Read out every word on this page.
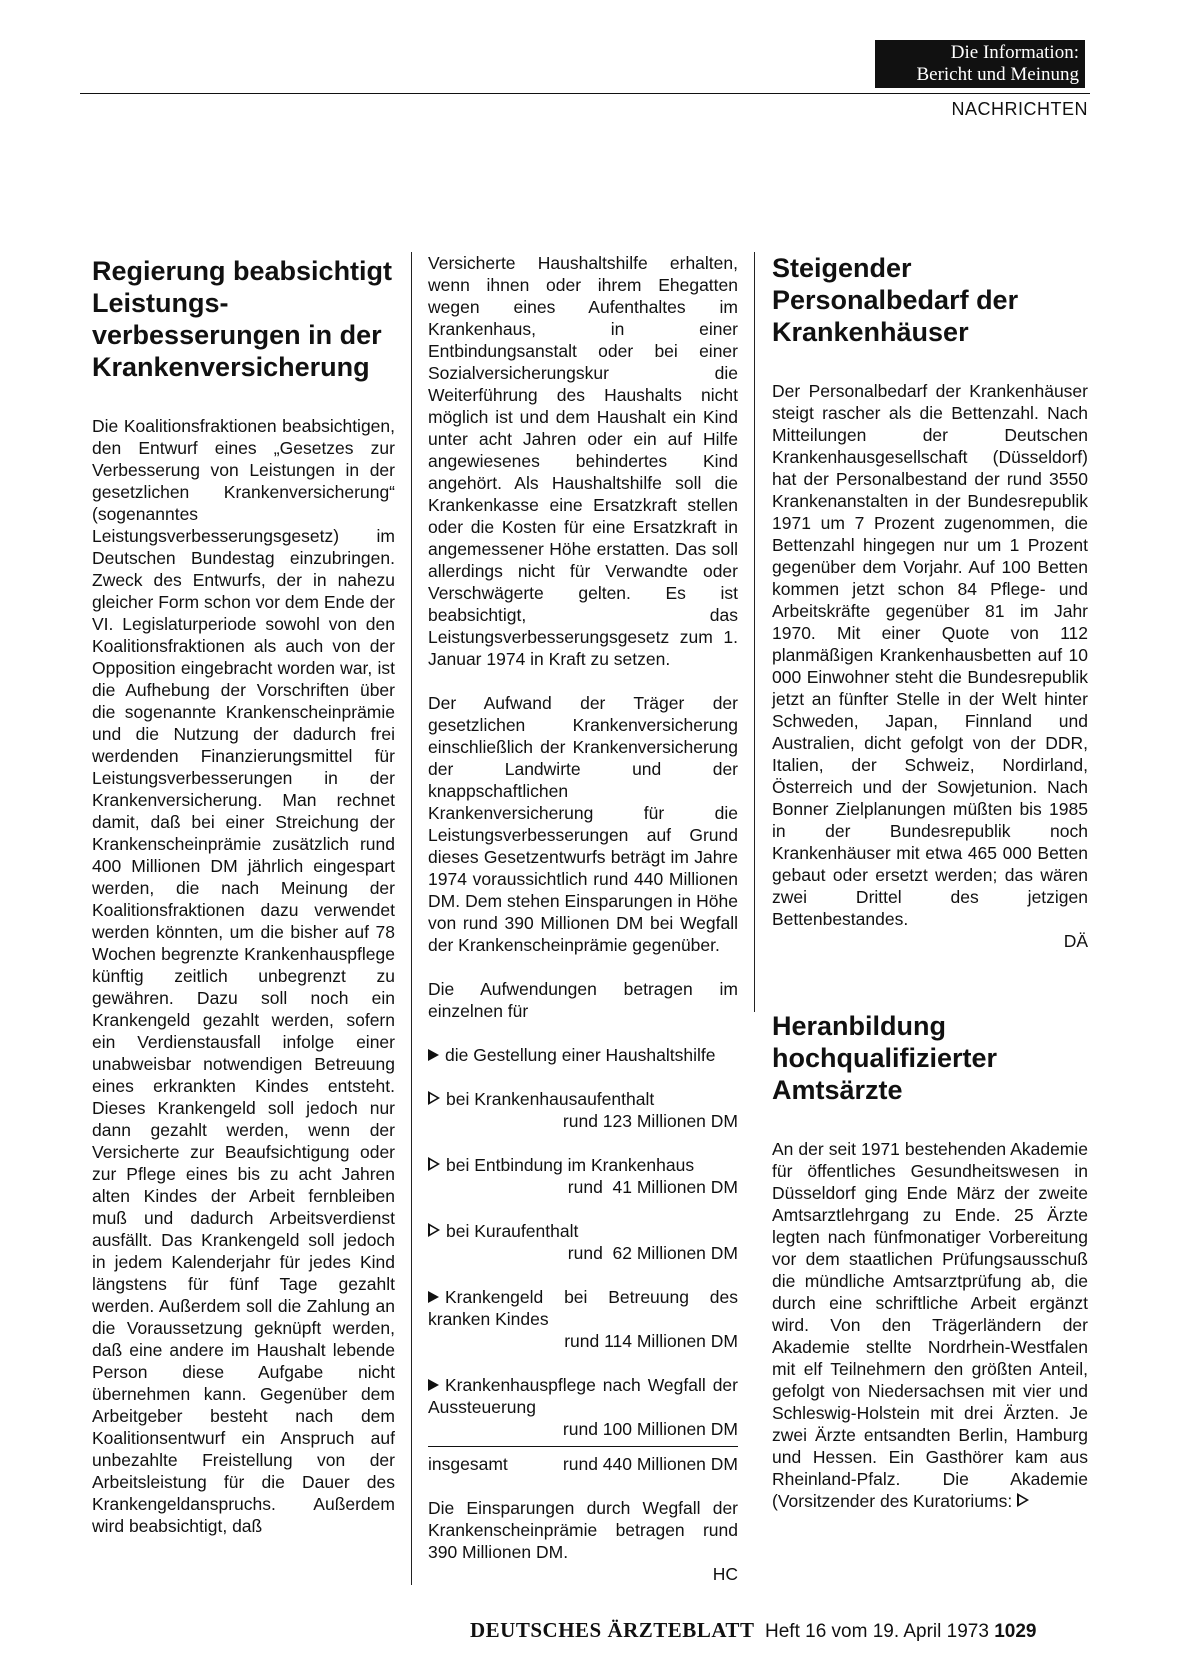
Die Information:
Bericht und Meinung
NACHRICHTEN
Regierung beabsichtigt Leistungsverbesserungen in der Krankenversicherung

Die Koalitionsfraktionen beabsichtigen, den Entwurf eines „Gesetzes zur Verbesserung von Leistungen in der gesetzlichen Krankenversicherung“ (sogenanntes Leistungsverbesserungsgesetz) im Deutschen Bundestag einzubringen. Zweck des Entwurfs, der in nahezu gleicher Form schon vor dem Ende der VI. Legislaturperiode sowohl von den Koalitionsfraktionen als auch von der Opposition eingebracht worden war, ist die Aufhebung der Vorschriften über die sogenannte Krankenscheinprämie und die Nutzung der dadurch frei werdenden Finanzierungsmittel für Leistungsverbesserungen in der Krankenversicherung. Man rechnet damit, daß bei einer Streichung der Krankenscheinprämie zusätzlich rund 400 Millionen DM jährlich eingespart werden, die nach Meinung der Koalitionsfraktionen dazu verwendet werden könnten, um die bisher auf 78 Wochen begrenzte Krankenhauspflege künftig zeitlich unbegrenzt zu gewähren. Dazu soll noch ein Krankengeld gezahlt werden, sofern ein Verdienstausfall infolge einer unabweisbar notwendigen Betreuung eines erkrankten Kindes entsteht. Dieses Krankengeld soll jedoch nur dann gezahlt werden, wenn der Versicherte zur Beaufsichtigung oder zur Pflege eines bis zu acht Jahren alten Kindes der Arbeit fernbleiben muß und dadurch Arbeitsverdienst ausfällt. Das Krankengeld soll jedoch in jedem Kalenderjahr für jedes Kind längstens für fünf Tage gezahlt werden. Außerdem soll die Zahlung an die Voraussetzung geknüpft werden, daß eine andere im Haushalt lebende Person diese Aufgabe nicht übernehmen kann. Gegenüber dem Arbeitgeber besteht nach dem Koalitionsentwurf ein Anspruch auf unbezahlte Freistellung von der Arbeitsleistung für die Dauer des Krankengeldanspruchs. Außerdem wird beabsichtigt, daß

Versicherte Haushaltshilfe erhalten, wenn ihnen oder ihrem Ehegatten wegen eines Aufenthaltes im Krankenhaus, in einer Entbindungsanstalt oder bei einer Sozialversicherungskur die Weiterführung des Haushalts nicht möglich ist und dem Haushalt ein Kind unter acht Jahren oder ein auf Hilfe angewiesenes behindertes Kind angehört. Als Haushaltshilfe soll die Krankenkasse eine Ersatzkraft stellen oder die Kosten für eine Ersatzkraft in angemessener Höhe erstatten. Das soll allerdings nicht für Verwandte oder Verschwägerte gelten. Es ist beabsichtigt, das Leistungsverbesserungsgesetz zum 1. Januar 1974 in Kraft zu setzen.

Der Aufwand der Träger der gesetzlichen Krankenversicherung einschließlich der Krankenversicherung der Landwirte und der knappschaftlichen Krankenversicherung für die Leistungsverbesserungen auf Grund dieses Gesetzentwurfs beträgt im Jahre 1974 voraussichtlich rund 440 Millionen DM. Dem stehen Einsparungen in Höhe von rund 390 Millionen DM bei Wegfall der Krankenscheinprämie gegenüber.

Die Aufwendungen betragen im einzelnen für

die Gestellung einer Haushaltshilfe
bei Krankenhausaufenthalt
rund 123 Millionen DM
bei Entbindung im Krankenhaus
rund  41 Millionen DM
bei Kuraufenthalt
rund  62 Millionen DM
Krankengeld bei Betreuung des kranken Kindes
rund 114 Millionen DM
Krankenhauspflege nach Wegfall der Aussteuerung
rund 100 Millionen DM
insgesamt	rund 440 Millionen DM

Die Einsparungen durch Wegfall der Krankenscheinprämie betragen rund 390 Millionen DM.

HC

Steigender Personalbedarf der Krankenhäuser

Der Personalbedarf der Krankenhäuser steigt rascher als die Bettenzahl. Nach Mitteilungen der Deutschen Krankenhausgesellschaft (Düsseldorf) hat der Personalbestand der rund 3550 Krankenanstalten in der Bundesrepublik 1971 um 7 Prozent zugenommen, die Bettenzahl hingegen nur um 1 Prozent gegenüber dem Vorjahr. Auf 100 Betten kommen jetzt schon 84 Pflege- und Arbeitskräfte gegenüber 81 im Jahr 1970. Mit einer Quote von 112 planmäßigen Krankenhausbetten auf 10 000 Einwohner steht die Bundesrepublik jetzt an fünfter Stelle in der Welt hinter Schweden, Japan, Finnland und Australien, dicht gefolgt von der DDR, Italien, der Schweiz, Nordirland, Österreich und der Sowjetunion. Nach Bonner Zielplanungen müßten bis 1985 in der Bundesrepublik noch Krankenhäuser mit etwa 465 000 Betten gebaut oder ersetzt werden; das wären zwei Drittel des jetzigen Bettenbestandes.

DÄ

Heranbildung hochqualifizierter Amtsärzte

An der seit 1971 bestehenden Akademie für öffentliches Gesundheitswesen in Düsseldorf ging Ende März der zweite Amtsarztlehrgang zu Ende. 25 Ärzte legten nach fünfmonatiger Vorbereitung vor dem staatlichen Prüfungsausschuß die mündliche Amtsarztprüfung ab, die durch eine schriftliche Arbeit ergänzt wird. Von den Trägerländern der Akademie stellte Nordrhein-Westfalen mit elf Teilnehmern den größten Anteil, gefolgt von Niedersachsen mit vier und Schleswig-Holstein mit drei Ärzten. Je zwei Ärzte entsandten Berlin, Hamburg und Hessen. Ein Gasthörer kam aus Rheinland-Pfalz. Die Akademie (Vorsitzender des Kuratoriums:

DEUTSCHES ÄRZTEBLATT Heft 16 vom 19. April 1973 1029
